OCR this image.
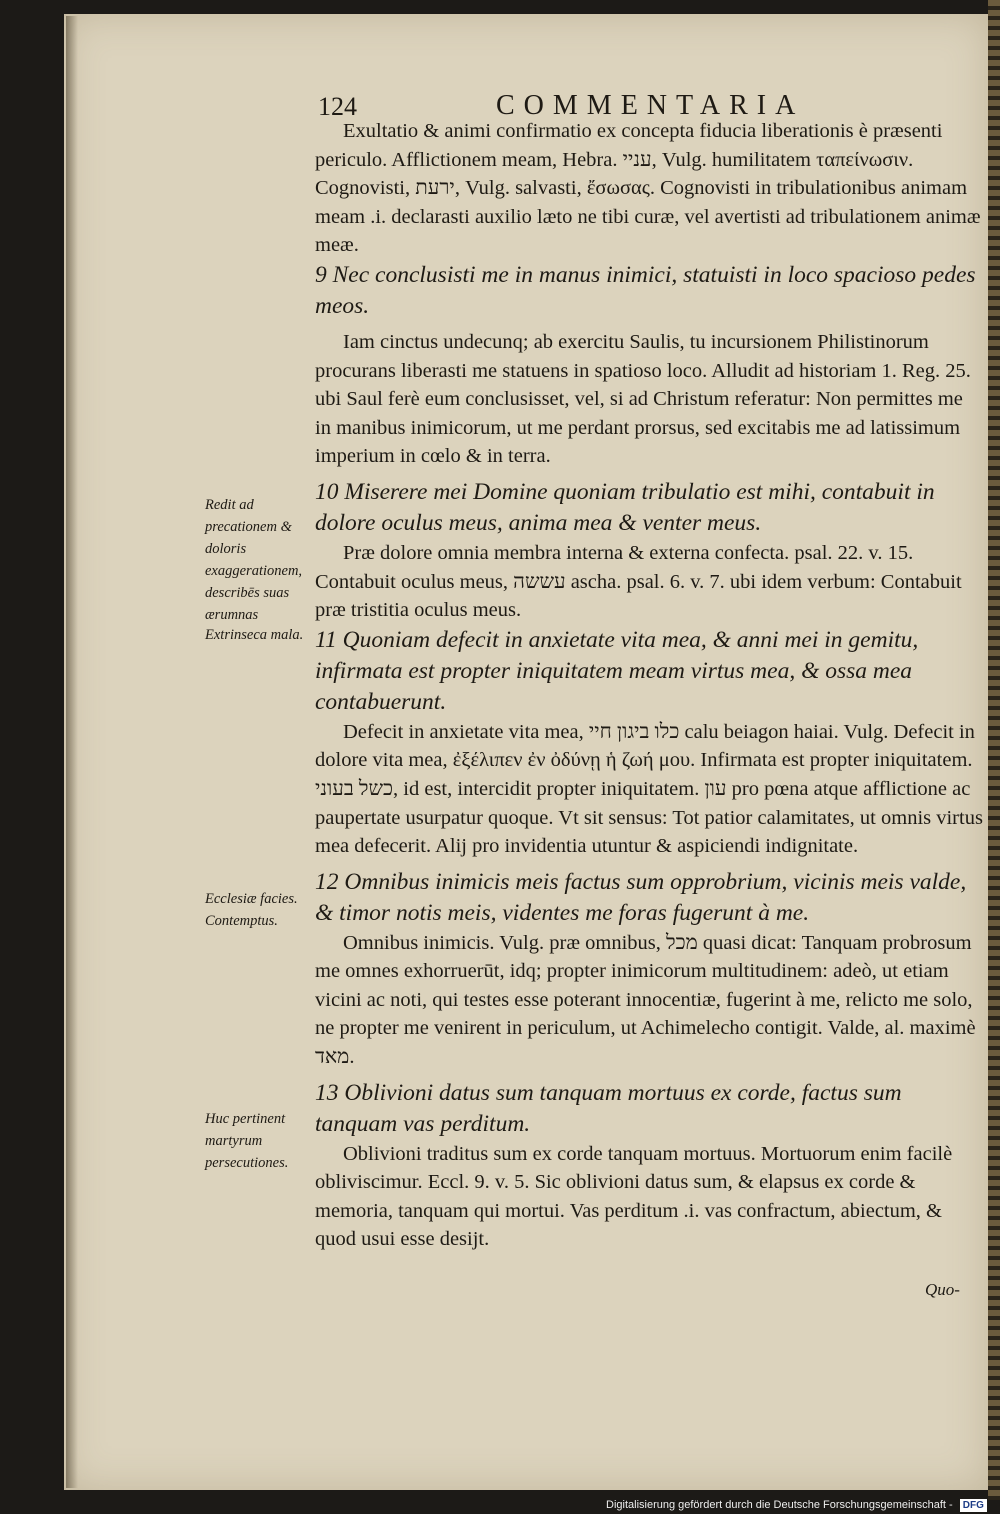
124	COMMENTARIA

Exultatio & animi confirmatio ex concepta fiducia liberationis è præsenti periculo. Afflictionem meam, Hebra. עניי, Vulg. humilitatem ταπείνωσιν. Cognovisti, ירעת, Vulg. salvasti, ἔσωσας. Cognovisti in tribulationibus animam meam .i. declarasti auxilio læto ne tibi curæ, vel avertisti ad tribulationem animæ meæ.

9 Nec conclusisti me in manus inimici, statuisti in loco spacioso pedes meos.

Iam cinctus undecunq; ab exercitu Saulis, tu incursionem Philistinorum procurans liberasti me statuens in spatioso loco. Alludit ad historiam 1. Reg. 25. ubi Saul ferè eum conclusisset, vel, si ad Christum referatur: Non permittes me in manibus inimicorum, ut me perdant prorsus, sed excitabis me ad latissimum imperium in cœlo & in terra.

10 Miserere mei Domine quoniam tribulatio est mihi, contabuit in dolore oculus meus, anima mea & venter meus.

Præ dolore omnia membra interna & externa confecta. psal. 22. v. 15. Contabuit oculus meus, עששה ascha. psal. 6. v. 7. ubi idem verbum: Contabuit præ tristitia oculus meus.

11 Quoniam defecit in anxietate vita mea, & anni mei in gemitu, infirmata est propter iniquitatem meam virtus mea, & ossa mea contabuerunt.

Defecit in anxietate vita mea, כלו ביגון חיי calu beiagon haiai. Vulg. Defecit in dolore vita mea, ἐξέλιπεν ἐν ὀδύνῃ ἡ ζωή μου. Infirmata est propter iniquitatem. כשל בעוני, id est, intercidit propter iniquitatem. עון pro pœna atque afflictione ac paupertate usurpatur quoque. Vt sit sensus: Tot patior calamitates, ut omnis virtus mea defecerit. Alij pro invidentia utuntur & aspiciendi indignitate.

12 Omnibus inimicis meis factus sum opprobrium, vicinis meis valde, & timor notis meis, videntes me foras fugerunt à me.

Omnibus inimicis. Vulg. præ omnibus, מכל quasi dicat: Tanquam probrosum me omnes exhorruerūt, idq; propter inimicorum multitudinem: adeò, ut etiam vicini ac noti, qui testes esse poterant innocentiæ, fugerint à me, relicto me solo, ne propter me venirent in periculum, ut Achimelecho contigit. Valde, al. maximè מאד.

13 Oblivioni datus sum tanquam mortuus ex corde, factus sum tanquam vas perditum.

Oblivioni traditus sum ex corde tanquam mortuus. Mortuorum enim facilè obliviscimur. Eccl. 9. v. 5. Sic oblivioni datus sum, & elapsus ex corde & memoria, tanquam qui mortui. Vas perditum .i. vas confractum, abiectum, & quod usui esse desijt.

Redit ad precationem & doloris exaggerationem, describēs suas ærumnas
Extrinseca mala.
Ecclesiæ facies. Contemptus.
Huc pertinent martyrum persecutiones.
Quo-
Digitalisierung gefördert durch die Deutsche Forschungsgemeinschaft - DFG
